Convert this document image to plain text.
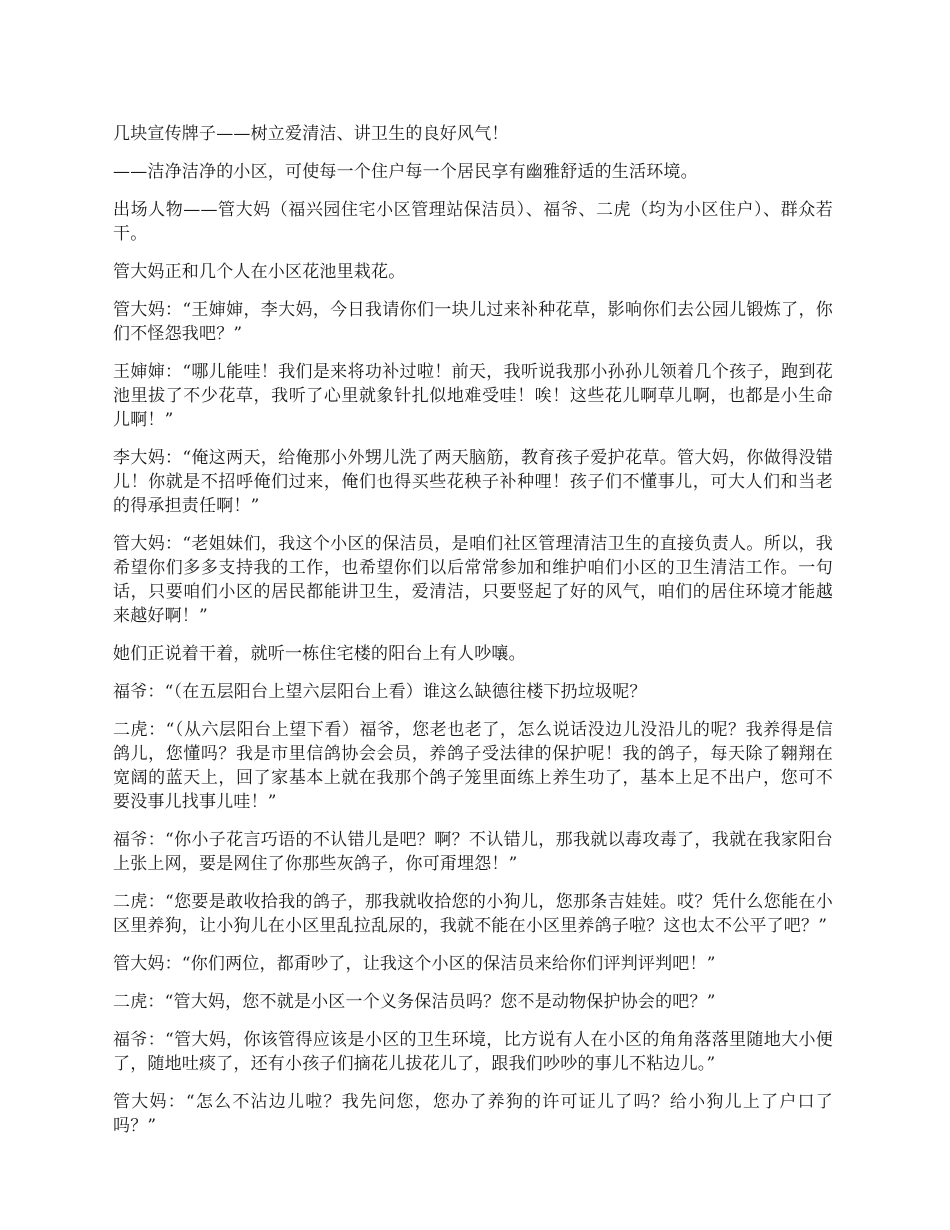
几块宣传牌子——树立爱清洁、讲卫生的良好风气！

——洁净洁净的小区，可使每一个住户每一个居民享有幽雅舒适的生活环境。

出场人物——管大妈（福兴园住宅小区管理站保洁员）、福爷、二虎（均为小区住户）、群众若干。

管大妈正和几个人在小区花池里栽花。

管大妈：“王婶婶，李大妈，今日我请你们一块儿过来补种花草，影响你们去公园儿锻炼了，你们不怪怨我吧？”

王婶婶：“哪儿能哇！我们是来将功补过啦！前天，我听说我那小孙孙儿领着几个孩子，跑到花池里拔了不少花草，我听了心里就象针扎似地难受哇！唉！这些花儿啊草儿啊，也都是小生命儿啊！”

李大妈：“俺这两天，给俺那小外甥儿洗了两天脑筋，教育孩子爱护花草。管大妈，你做得没错儿！你就是不招呼俺们过来，俺们也得买些花秧子补种哩！孩子们不懂事儿，可大人们和当老的得承担责任啊！”

管大妈：“老姐妹们，我这个小区的保洁员，是咱们社区管理清洁卫生的直接负责人。所以，我希望你们多多支持我的工作，也希望你们以后常常参加和维护咱们小区的卫生清洁工作。一句话，只要咱们小区的居民都能讲卫生，爱清洁，只要竖起了好的风气，咱们的居住环境才能越来越好啊！”

她们正说着干着，就听一栋住宅楼的阳台上有人吵嚷。

福爷：“（在五层阳台上望六层阳台上看）谁这么缺德往楼下扔垃圾呢？

二虎：“（从六层阳台上望下看）福爷，您老也老了，怎么说话没边儿没沿儿的呢？我养得是信鸽儿，您懂吗？我是市里信鸽协会会员，养鸽子受法律的保护呢！我的鸽子，每天除了翱翔在宽阔的蓝天上，回了家基本上就在我那个鸽子笼里面练上养生功了，基本上足不出户，您可不要没事儿找事儿哇！”

福爷：“你小子花言巧语的不认错儿是吧？啊？不认错儿，那我就以毒攻毒了，我就在我家阳台上张上网，要是网住了你那些灰鸽子，你可甭埋怨！”

二虎：“您要是敢收拾我的鸽子，那我就收拾您的小狗儿，您那条吉娃娃。哎？凭什么您能在小区里养狗，让小狗儿在小区里乱拉乱尿的，我就不能在小区里养鸽子啦？这也太不公平了吧？”

管大妈：“你们两位，都甭吵了，让我这个小区的保洁员来给你们评判评判吧！”

二虎：“管大妈，您不就是小区一个义务保洁员吗？您不是动物保护协会的吧？”

福爷：“管大妈，你该管得应该是小区的卫生环境，比方说有人在小区的角角落落里随地大小便了，随地吐痰了，还有小孩子们摘花儿拔花儿了，跟我们吵吵的事儿不粘边儿。”

管大妈：“怎么不沾边儿啦？我先问您，您办了养狗的许可证儿了吗？给小狗儿上了户口了吗？”
